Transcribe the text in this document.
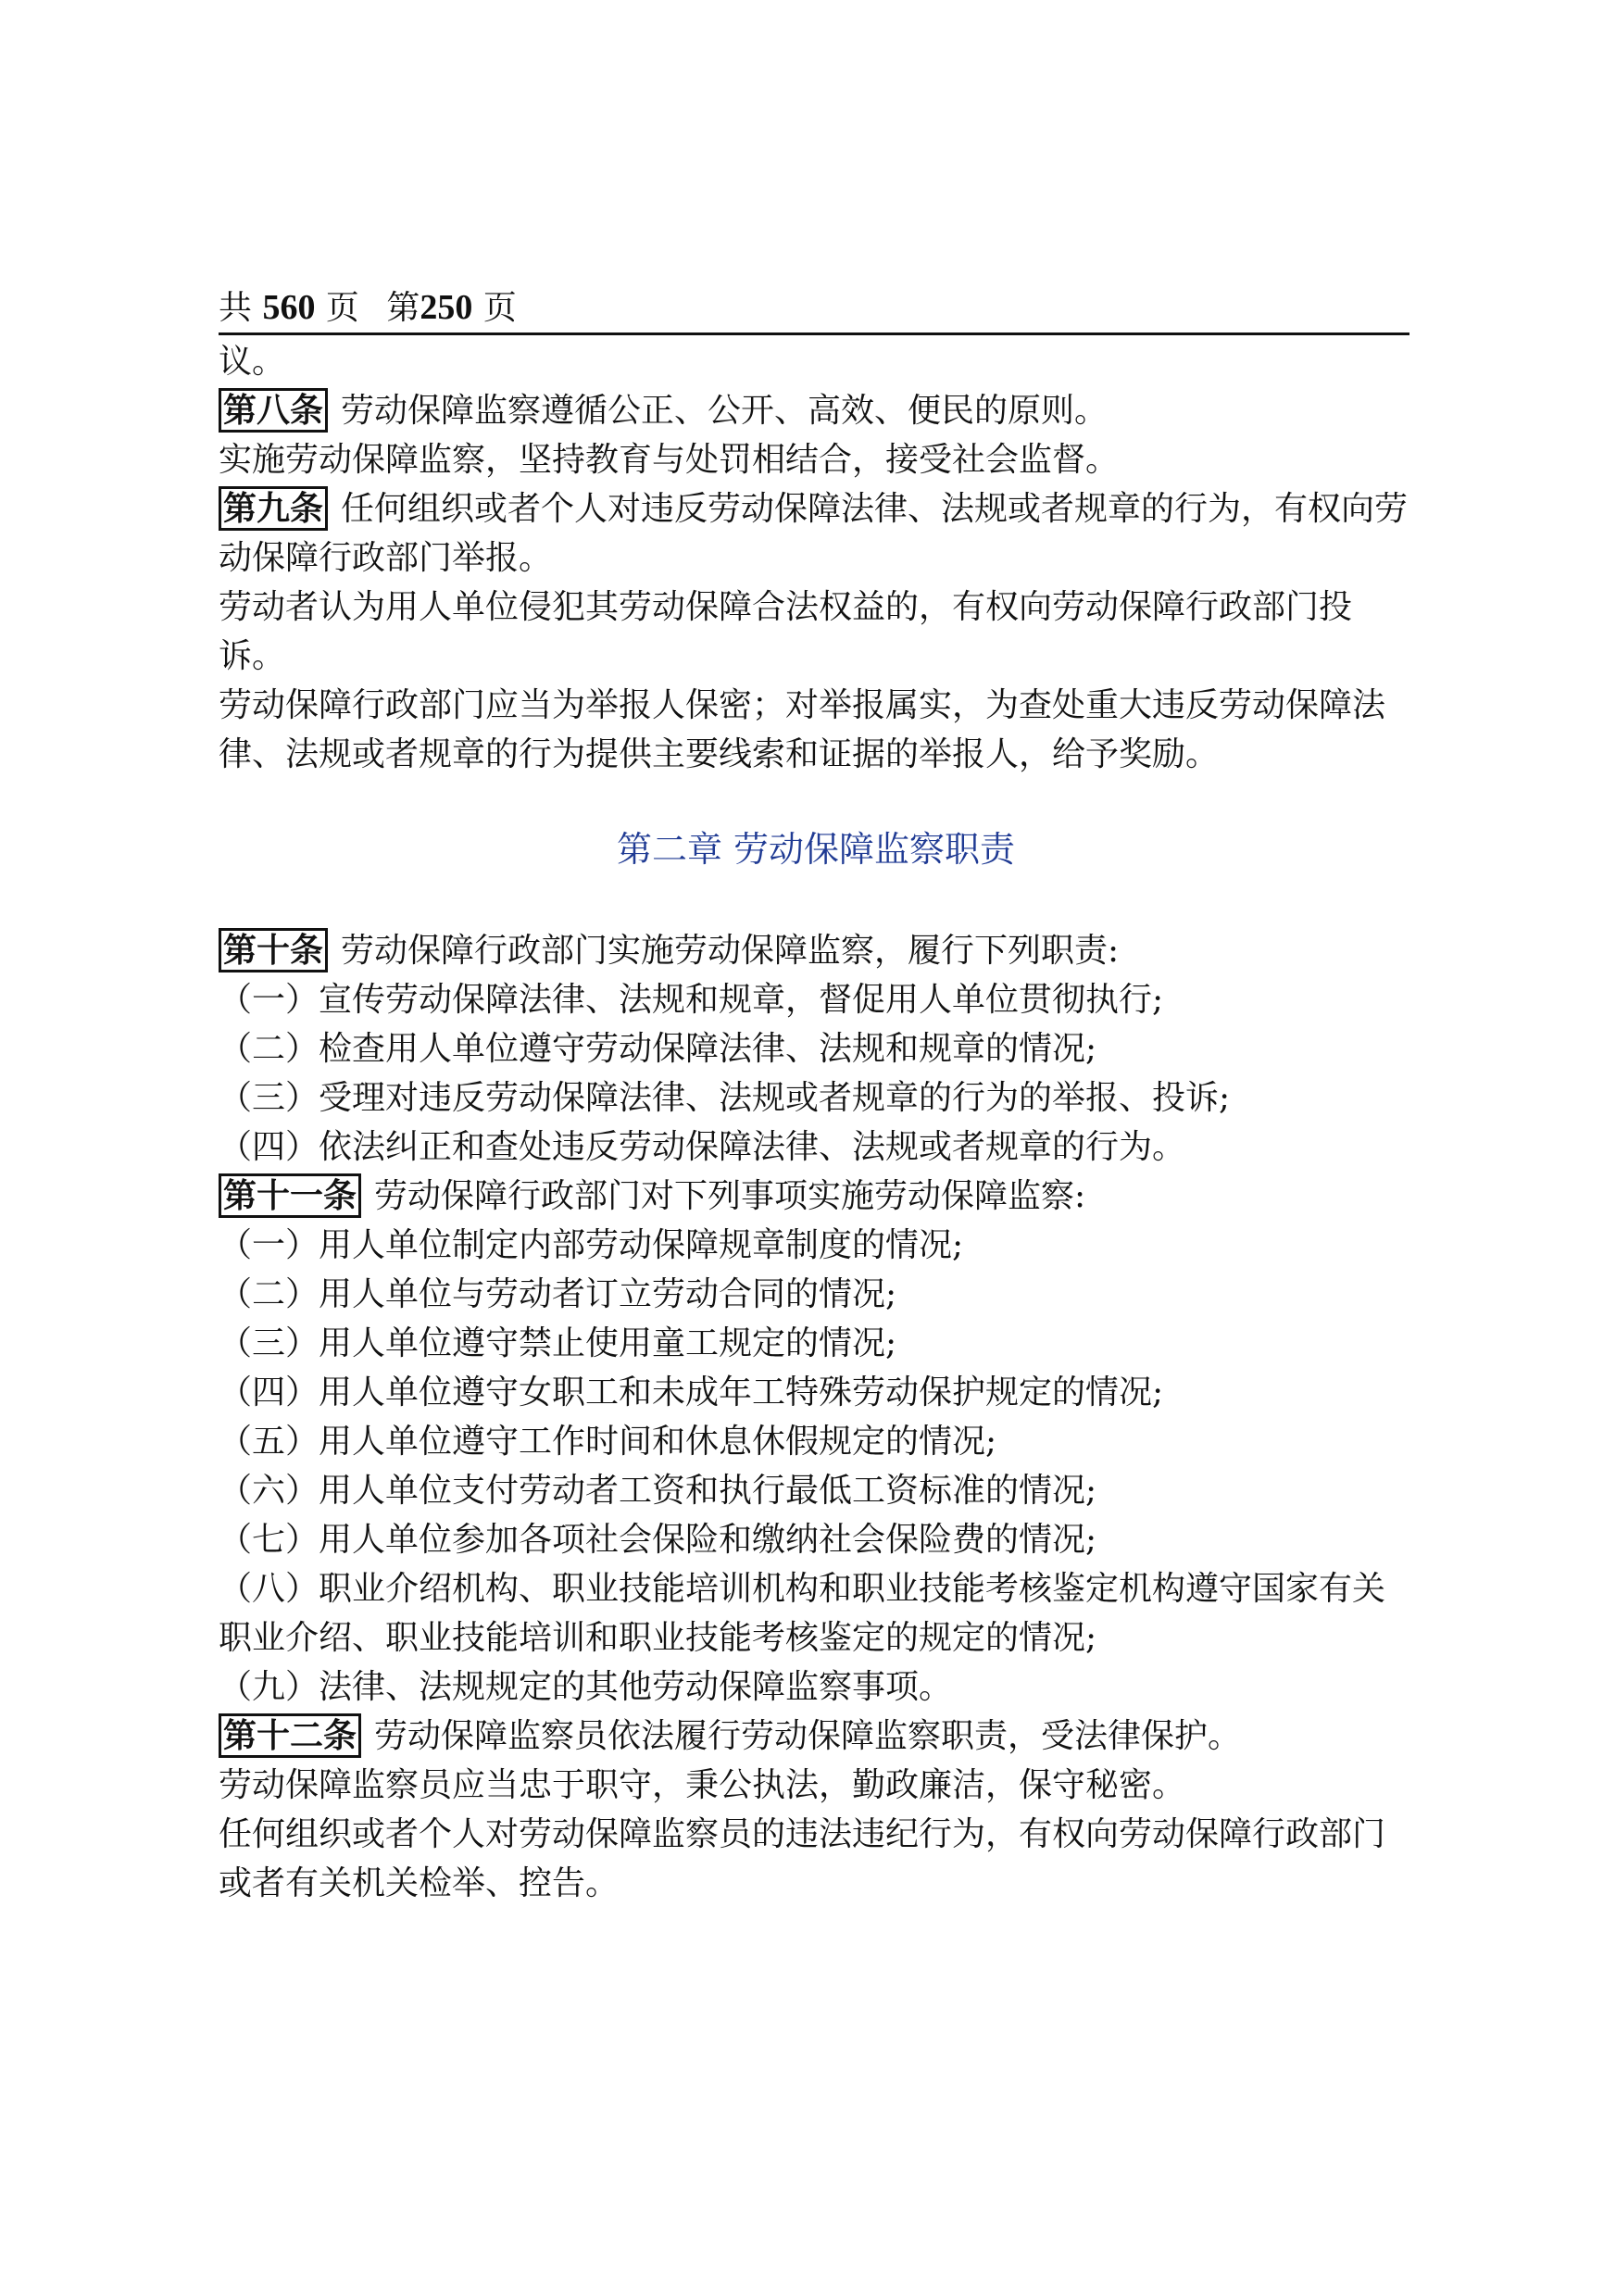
共 560 页 第250 页

议。

第八条 劳动保障监察遵循公正、公开、高效、便民的原则。

实施劳动保障监察，坚持教育与处罚相结合，接受社会监督。

第九条 任何组织或者个人对违反劳动保障法律、法规或者规章的行为，有权向劳动保障行政部门举报。

劳动者认为用人单位侵犯其劳动保障合法权益的，有权向劳动保障行政部门投诉。

劳动保障行政部门应当为举报人保密；对举报属实，为查处重大违反劳动保障法律、法规或者规章的行为提供主要线索和证据的举报人，给予奖励。

第二章 劳动保障监察职责

第十条 劳动保障行政部门实施劳动保障监察，履行下列职责:

（一）宣传劳动保障法律、法规和规章，督促用人单位贯彻执行;

（二）检查用人单位遵守劳动保障法律、法规和规章的情况;

（三）受理对违反劳动保障法律、法规或者规章的行为的举报、投诉;

（四）依法纠正和查处违反劳动保障法律、法规或者规章的行为。

第十一条 劳动保障行政部门对下列事项实施劳动保障监察:

（一）用人单位制定内部劳动保障规章制度的情况;

（二）用人单位与劳动者订立劳动合同的情况;

（三）用人单位遵守禁止使用童工规定的情况;

（四）用人单位遵守女职工和未成年工特殊劳动保护规定的情况;

（五）用人单位遵守工作时间和休息休假规定的情况;

（六）用人单位支付劳动者工资和执行最低工资标准的情况;

（七）用人单位参加各项社会保险和缴纳社会保险费的情况;

（八）职业介绍机构、职业技能培训机构和职业技能考核鉴定机构遵守国家有关职业介绍、职业技能培训和职业技能考核鉴定的规定的情况;

（九）法律、法规规定的其他劳动保障监察事项。

第十二条 劳动保障监察员依法履行劳动保障监察职责，受法律保护。

劳动保障监察员应当忠于职守，秉公执法，勤政廉洁，保守秘密。

任何组织或者个人对劳动保障监察员的违法违纪行为，有权向劳动保障行政部门或者有关机关检举、控告。
